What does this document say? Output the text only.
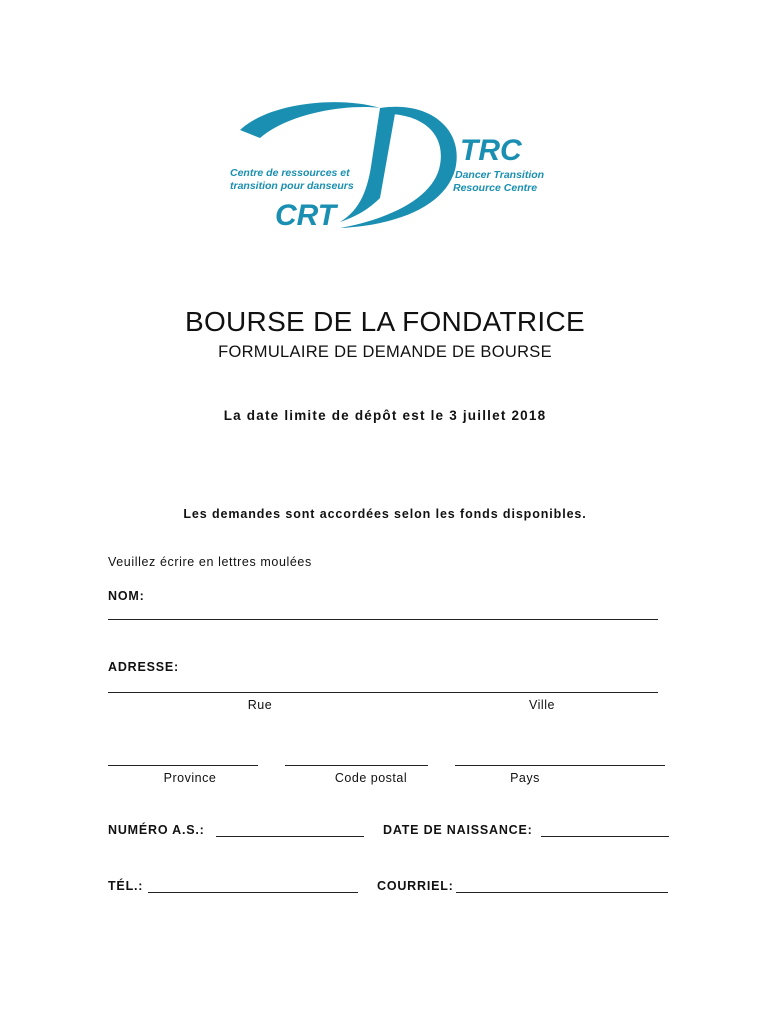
Centre de ressources et
transition pour danseurs
CRT
TRC
Dancer Transition
Resource Centre
BOURSE DE LA FONDATRICE
FORMULAIRE DE DEMANDE DE BOURSE
La date limite de dépôt est le 3 juillet 2018
Les demandes sont accordées selon les fonds disponibles.
Veuillez écrire en lettres moulées
NOM:
ADRESSE:
Rue	Ville
Province	Code postal	Pays
NUMÉRO A.S.:	DATE DE NAISSANCE:
TÉL.:	COURRIEL:
